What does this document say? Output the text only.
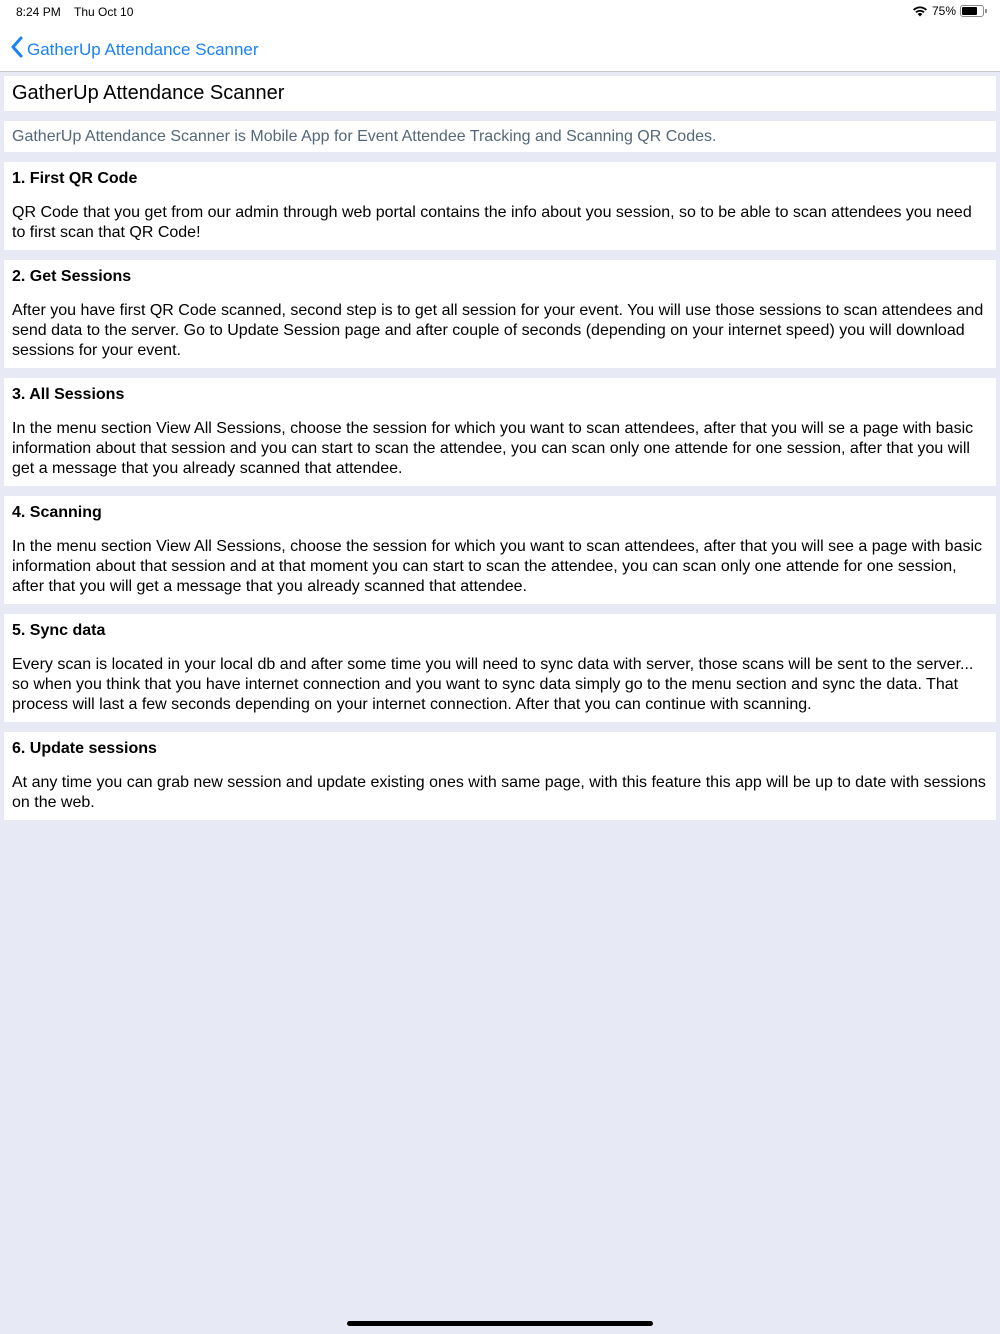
8:24 PM Thu Oct 10	75%
GatherUp Attendance Scanner
GatherUp Attendance Scanner
GatherUp Attendance Scanner is Mobile App for Event Attendee Tracking and Scanning QR Codes.
1. First QR Code
QR Code that you get from our admin through web portal contains the info about you session, so to be able to scan attendees you need to first scan that QR Code!
2. Get Sessions
After you have first QR Code scanned, second step is to get all session for your event. You will use those sessions to scan attendees and send data to the server. Go to Update Session page and after couple of seconds (depending on your internet speed) you will download sessions for your event.
3. All Sessions
In the menu section View All Sessions, choose the session for which you want to scan attendees, after that you will se a page with basic information about that session and you can start to scan the attendee, you can scan only one attende for one session, after that you will get a message that you already scanned that attendee.
4. Scanning
In the menu section View All Sessions, choose the session for which you want to scan attendees, after that you will see a page with basic information about that session and at that moment you can start to scan the attendee, you can scan only one attende for one session, after that you will get a message that you already scanned that attendee.
5. Sync data
Every scan is located in your local db and after some time you will need to sync data with server, those scans will be sent to the server... so when you think that you have internet connection and you want to sync data simply go to the menu section and sync the data. That process will last a few seconds depending on your internet connection. After that you can continue with scanning.
6. Update sessions
At any time you can grab new session and update existing ones with same page, with this feature this app will be up to date with sessions on the web.
